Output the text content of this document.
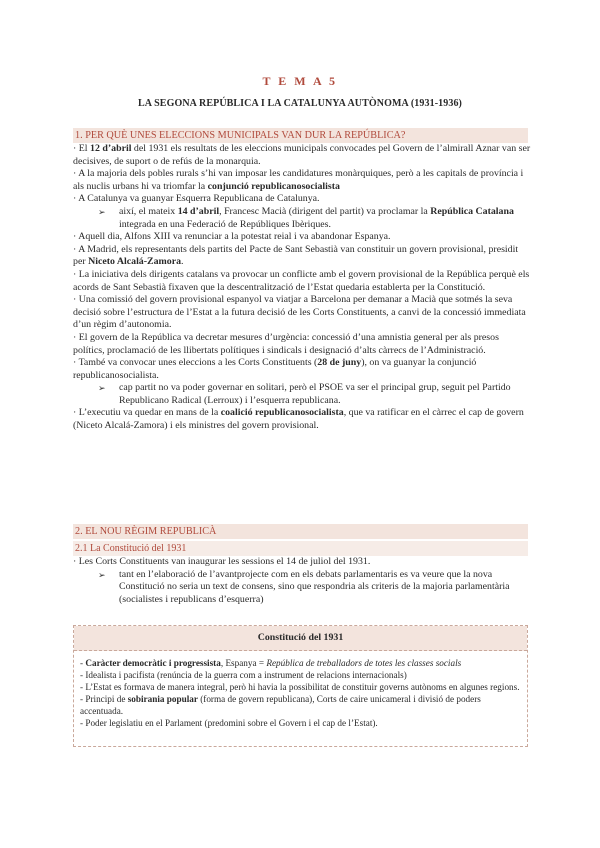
T E M A 5
LA SEGONA REPÚBLICA I LA CATALUNYA AUTÒNOMA (1931-1936)
1. PER QUÈ UNES ELECCIONS MUNICIPALS VAN DUR LA REPÚBLICA?

· El 12 d’abril del 1931 els resultats de les eleccions municipals convocades pel Govern de l’almirall Aznar van ser decisives, de suport o de refús de la monarquia.

· A la majoria dels pobles rurals s’hi van imposar les candidatures monàrquiques, però a les capitals de província i als nuclis urbans hi va triomfar la conjunció republicanosocialista

· A Catalunya va guanyar Esquerra Republicana de Catalunya.

➢ així, el mateix 14 d’abril, Francesc Macià (dirigent del partit) va proclamar la República Catalana integrada en una Federació de Repúbliques Ibèriques.

· Aquell dia, Alfons XIII va renunciar a la potestat reial i va abandonar Espanya.

· A Madrid, els representants dels partits del Pacte de Sant Sebastià van constituir un govern provisional, presidit per Niceto Alcalá-Zamora.

· La iniciativa dels dirigents catalans va provocar un conflicte amb el govern provisional de la República perquè els acords de Sant Sebastià fixaven que la descentralització de l’Estat quedaria establerta per la Constitució.

· Una comissió del govern provisional espanyol va viatjar a Barcelona per demanar a Macià que sotmés la seva decisió sobre l’estructura de l’Estat a la futura decisió de les Corts Constituents, a canvi de la concessió immediata d’un règim d’autonomia.

· El govern de la República va decretar mesures d’urgència: concessió d’una amnistia general per als presos polítics, proclamació de les llibertats polítiques i sindicals i designació d’alts càrrecs de l’Administració.

· També va convocar unes eleccions a les Corts Constituents (28 de juny), on va guanyar la conjunció republicanosocialista.

➢ cap partit no va poder governar en solitari, però el PSOE va ser el principal grup, seguit pel Partido Republicano Radical (Lerroux) i l’esquerra republicana.

· L’executiu va quedar en mans de la coalició republicanosocialista, que va ratificar en el càrrec el cap de govern (Niceto Alcalá-Zamora) i els ministres del govern provisional.

2. EL NOU RÈGIM REPUBLICÀ
2.1 La Constitució del 1931

· Les Corts Constituents van inaugurar les sessions el 14 de juliol del 1931.

➢ tant en l’elaboració de l’avantprojecte com en els debats parlamentaris es va veure que la nova Constitució no seria un text de consens, sino que respondria als criteris de la majoria parlamentària (socialistes i republicans d’esquerra)

Constitució del 1931

- Caràcter democràtic i progressista, Espanya = República de treballadors de totes les classes socials

- Idealista i pacifista (renúncia de la guerra com a instrument de relacions internacionals)

- L’Estat es formava de manera integral, però hi havia la possibilitat de constituir governs autònoms en algunes regions.

- Principi de sobirania popular (forma de govern republicana), Corts de caire unicameral i divisió de poders accentuada.

- Poder legislatiu en el Parlament (predomini sobre el Govern i el cap de l’Estat).
